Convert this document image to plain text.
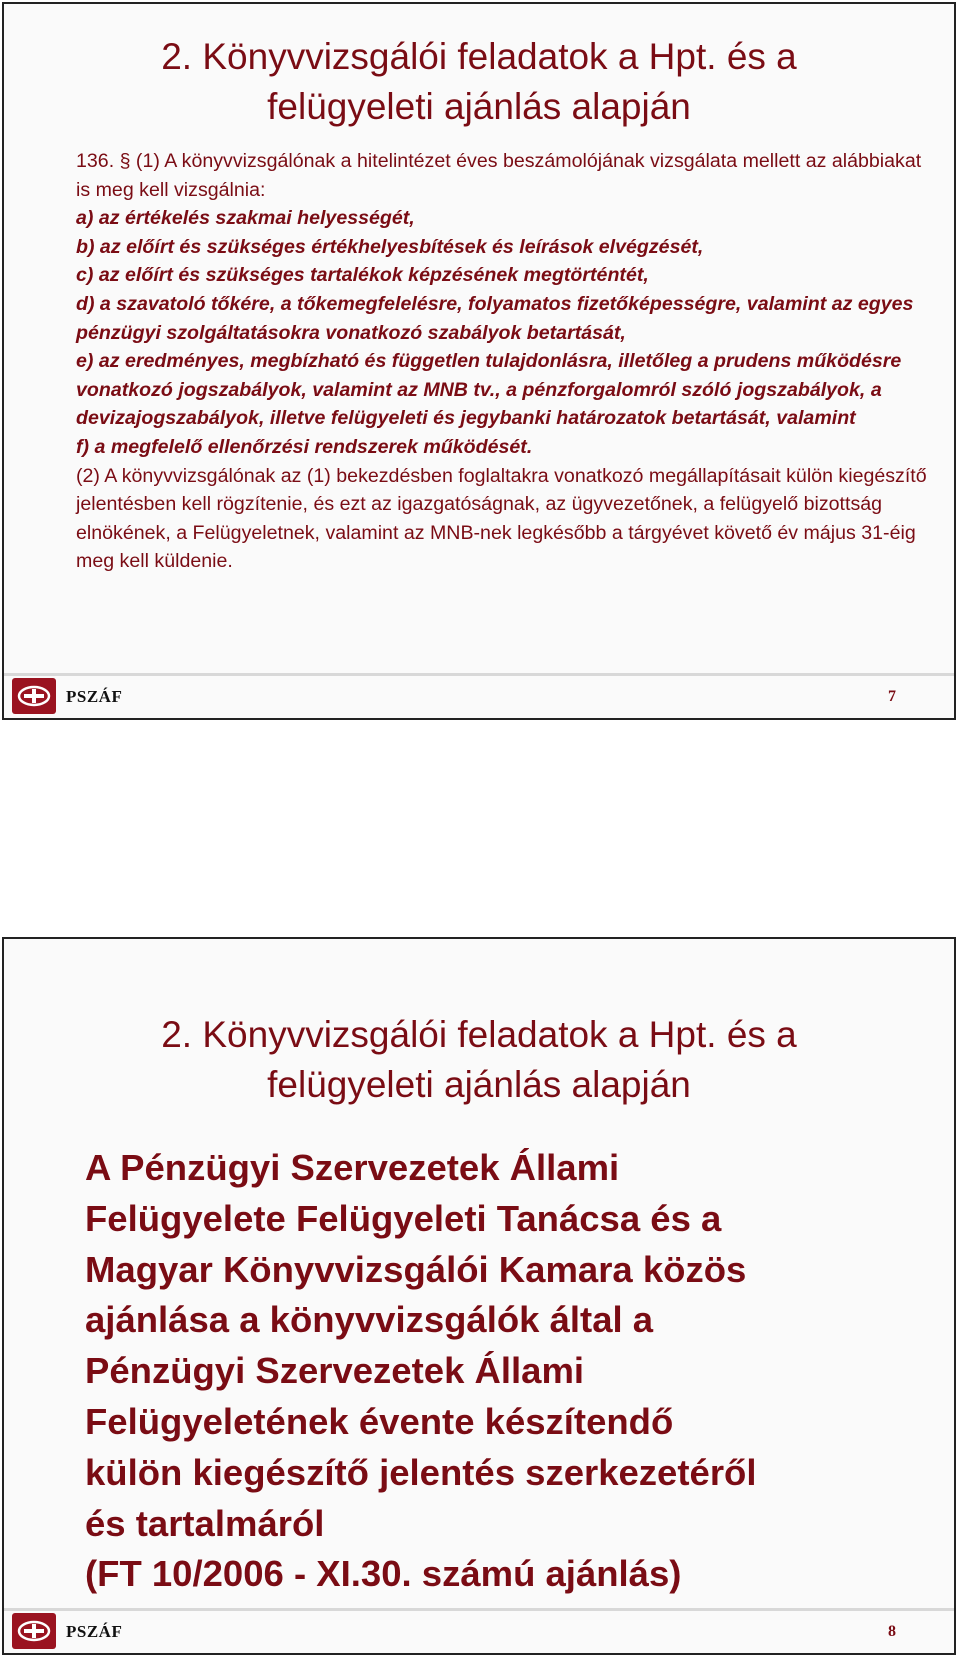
2. Könyvvizsgálói feladatok a Hpt. és a
felügyeleti ajánlás alapján

136. § (1) A könyvvizsgálónak a hitelintézet éves beszámolójának vizsgálata mellett az alábbiakat is meg kell vizsgálnia:

a) az értékelés szakmai helyességét,

b) az előírt és szükséges értékhelyesbítések és leírások elvégzését,

c) az előírt és szükséges tartalékok képzésének megtörténtét,

d) a szavatoló tőkére, a tőkemegfelelésre, folyamatos fizetőképességre, valamint az egyes pénzügyi szolgáltatásokra vonatkozó szabályok betartását,

e) az eredményes, megbízható és független tulajdonlásra, illetőleg a prudens működésre vonatkozó jogszabályok, valamint az MNB tv., a pénzforgalomról szóló jogszabályok, a devizajogszabályok, illetve felügyeleti és jegybanki határozatok betartását, valamint

f) a megfelelő ellenőrzési rendszerek működését.

(2) A könyvvizsgálónak az (1) bekezdésben foglaltakra vonatkozó megállapításait külön kiegészítő jelentésben kell rögzítenie, és ezt az igazgatóságnak, az ügyvezetőnek, a felügyelő bizottság elnökének, a Felügyeletnek, valamint az MNB-nek legkésőbb a tárgyévet követő év május 31-éig meg kell küldenie.

PSZÁF	7
2. Könyvvizsgálói feladatok a Hpt. és a
felügyeleti ajánlás alapján
A Pénzügyi Szervezetek Állami
Felügyelete Felügyeleti Tanácsa és a
Magyar Könyvvizsgálói Kamara közös
ajánlása a könyvvizsgálók által a
Pénzügyi Szervezetek Állami
Felügyeletének évente készítendő
külön kiegészítő jelentés szerkezetéről
és tartalmáról
(FT 10/2006 - XI.30. számú ajánlás)
PSZÁF	8
